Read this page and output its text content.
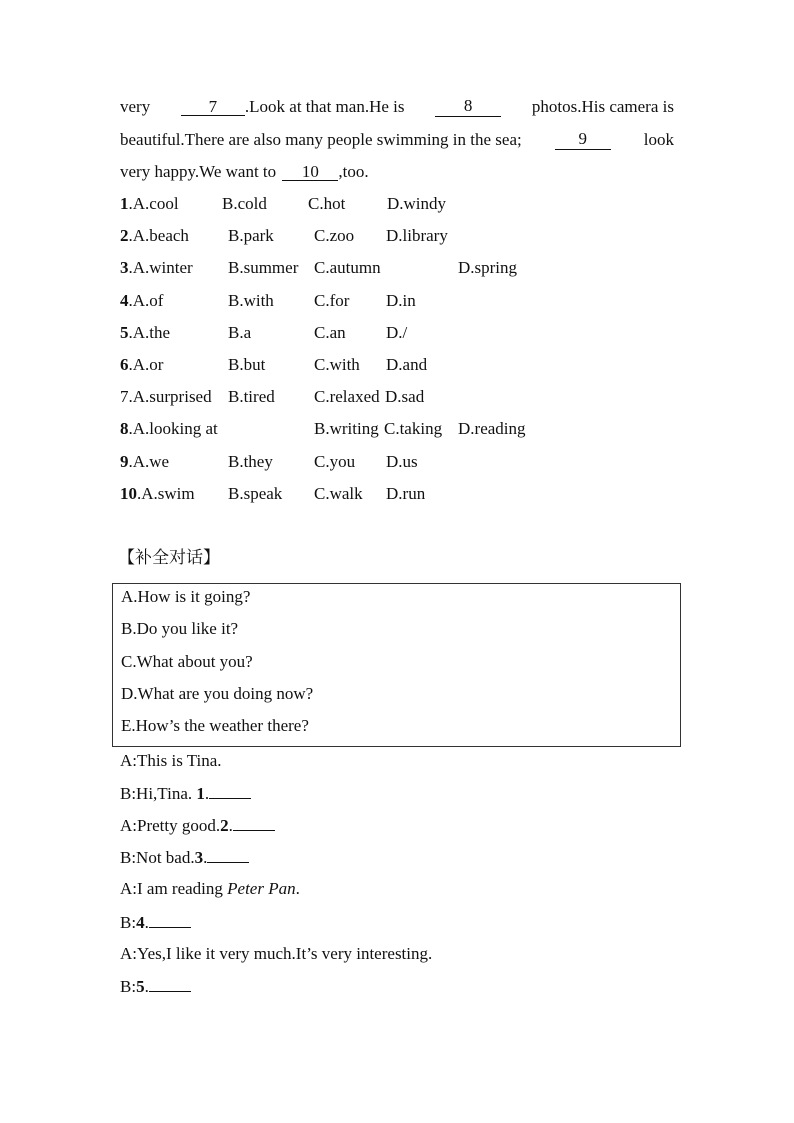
very	7 .Look at that man.He is	8	photos.His camera is
beautiful.There are also many people swimming in the sea;	9	look
very happy.We want to 10 ,too.
1.A.cool	B.cold C.hot D.windy
2.A.beach B.park C.zoo D.library
3.A.winter B.summer C.autumn	D.spring
4.A.of	B.with C.for D.in
5.A.the	B.a	C.an D./
6.A.or	B.but	C.with D.and
7.A.surprised B.tired C.relaxed D.sad
8.A.looking at	B.writing C.taking D.reading
9.A.we	B.they C.you D.us
10.A.swim B.speak C.walk D.run
【补全对话】
A.How is it going?
B.Do you like it?
C.What about you?
D.What are you doing now?
E.How’s the weather there?
A:This is Tina.
B:Hi,Tina. 1.
A:Pretty good.2.
B:Not bad.3.
A:I am reading Peter Pan.
B:4.
A:Yes,I like it very much.It’s very interesting.
B:5.
